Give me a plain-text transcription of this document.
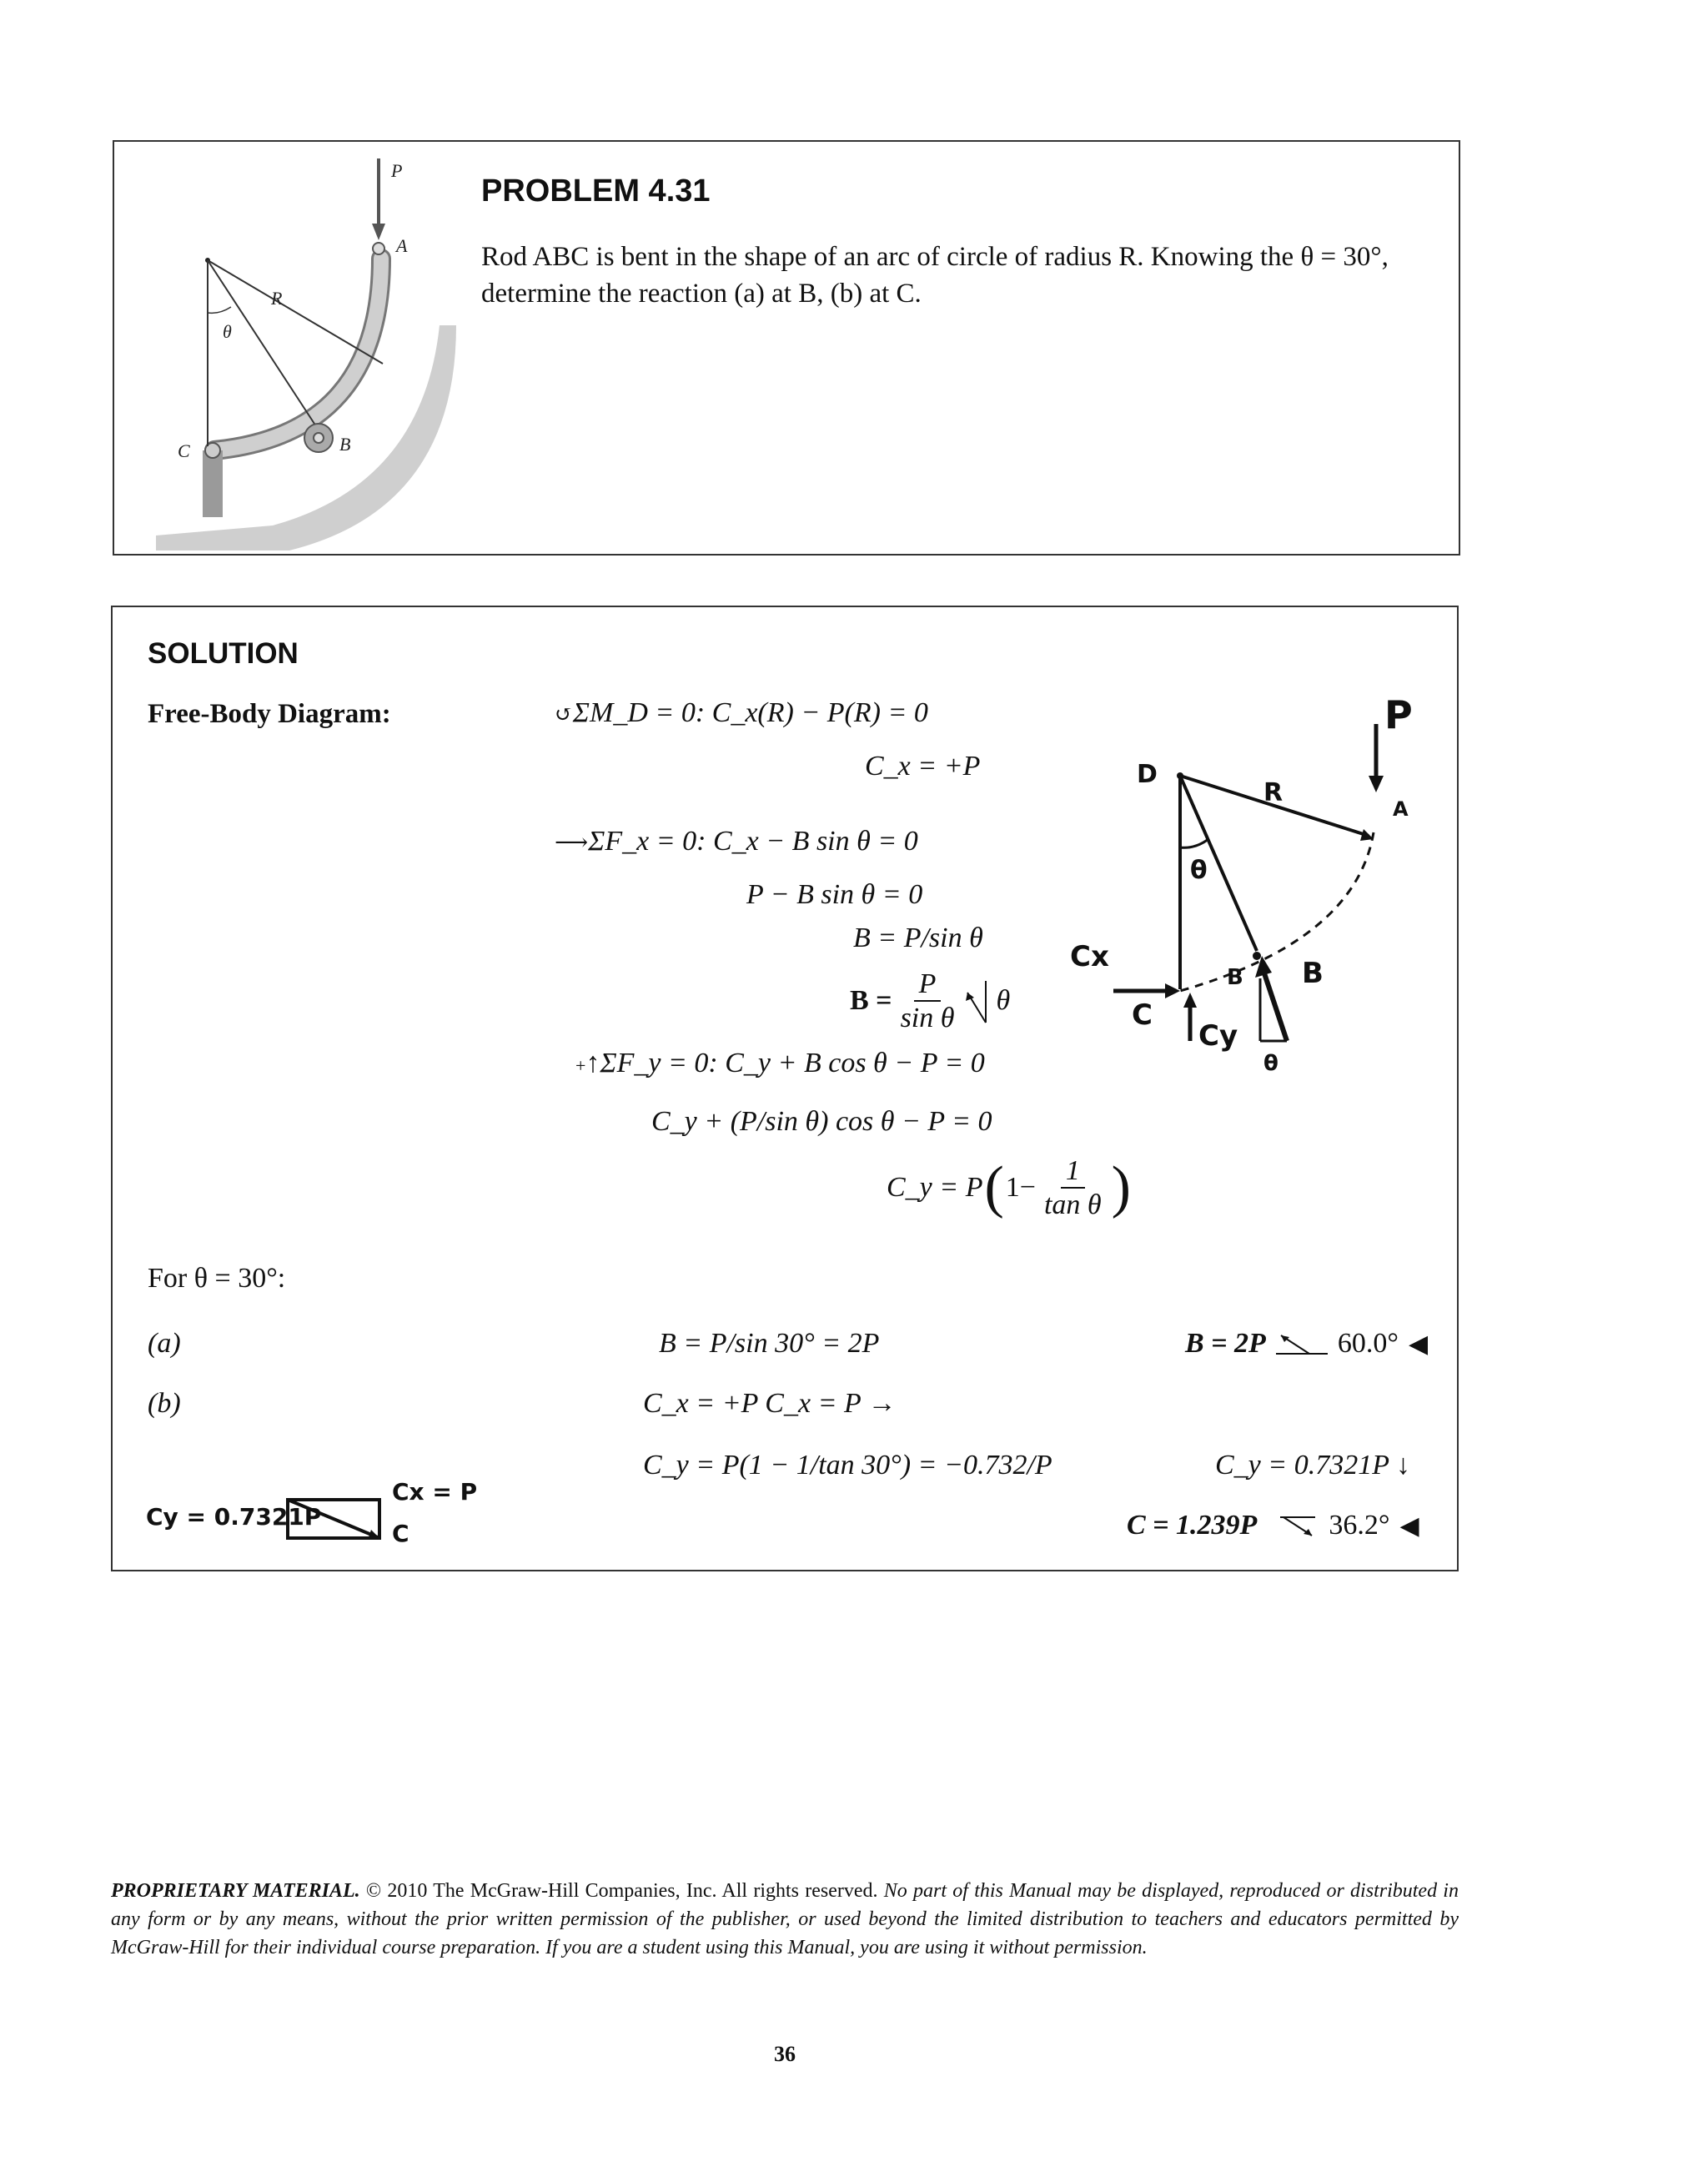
P
A
R
θ
B
C
PROBLEM 4.31
Rod ABC is bent in the shape of an arc of circle of radius R. Knowing the θ = 30°,
determine the reaction (a) at B, (b) at C.
SOLUTION
Free-Body Diagram:	↺ΣM_D = 0: C_x(R) − P(R) = 0
C_x = +P
⟶ΣF_x = 0: C_x − B sin θ = 0
P − B sin θ = 0
B = P/sin θ
$B = \frac{P}{\text{sin θ}}$ θ
+↑ΣF_y = 0: C_y + B cos θ − P = 0
C_y + (P/sin θ) cos θ − P = 0
C_y = P ( $1- \frac{1}{\text{tan θ}}$ )
P
A
D
R
θ
Cx
C
Cy
B B
θ
For θ = 30°:
(a)	B = P/sin 30° = 2P	B = 2P	60.0° ◀
(b)	C_x = +P C_x = P →
C_y = P(1 − 1/tan 30°) = −0.732/P	C_y = 0.7321P ↓
C = 1.239P	36.2° ◀
Cy = 0.7321P
Cx = P
C
PROPRIETARY MATERIAL. © 2010 The McGraw-Hill Companies, Inc. All rights reserved. No part of this Manual may be displayed, reproduced or distributed in any form or by any means, without the prior written permission of the publisher, or used beyond the limited distribution to teachers and educators permitted by McGraw-Hill for their individual course preparation. If you are a student using this Manual, you are using it without permission.
36
